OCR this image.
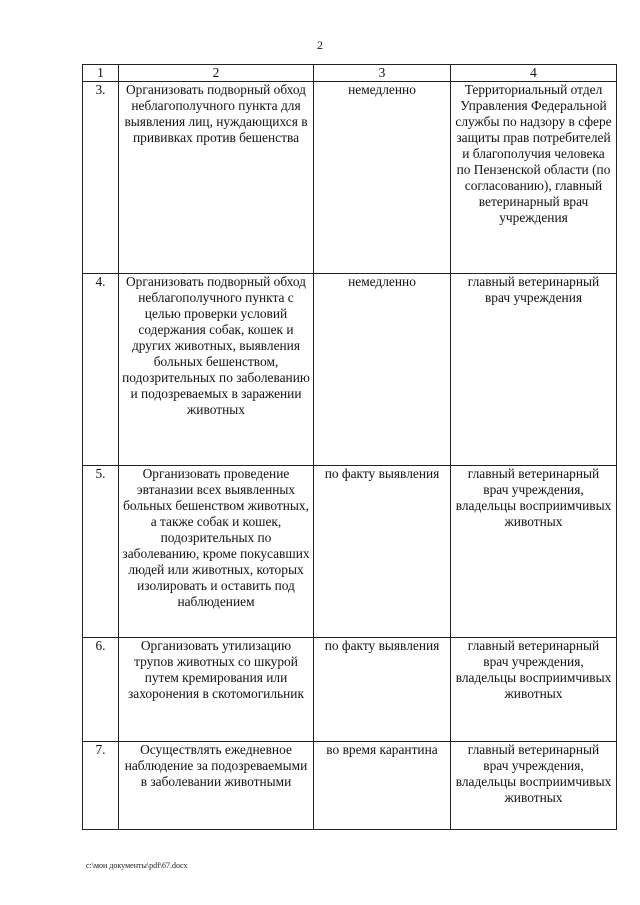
2
1	2	3	4
3.	Организовать подворный обход неблагополучного пункта для выявления лиц, нуждающихся в прививках против бешенства	немедленно	Территориальный отдел Управления Федеральной службы по надзору в сфере защиты прав потребителей и благополучия человека по Пензенской области (по согласованию), главный ветеринарный врач учреждения
4.	Организовать подворный обход неблагополучного пункта с целью проверки условий содержания собак, кошек и других животных, выявления больных бешенством, подозрительных по заболеванию и подозреваемых в заражении животных	немедленно	главный ветеринарный врач учреждения
5.	Организовать проведение эвтаназии всех выявленных больных бешенством животных, а также собак и кошек, подозрительных по заболеванию, кроме покусавших людей или животных, которых изолировать и оставить под наблюдением	по факту выявления	главный ветеринарный врач учреждения, владельцы восприимчивых животных
6.	Организовать утилизацию трупов животных со шкурой путем кремирования или захоронения в скотомогильник	по факту выявления	главный ветеринарный врач учреждения, владельцы восприимчивых животных
7.	Осуществлять ежедневное наблюдение за подозреваемыми в заболевании животными	во время карантина	главный ветеринарный врач учреждения, владельцы восприимчивых животных
c:\мои документы\pdf\67.docx
